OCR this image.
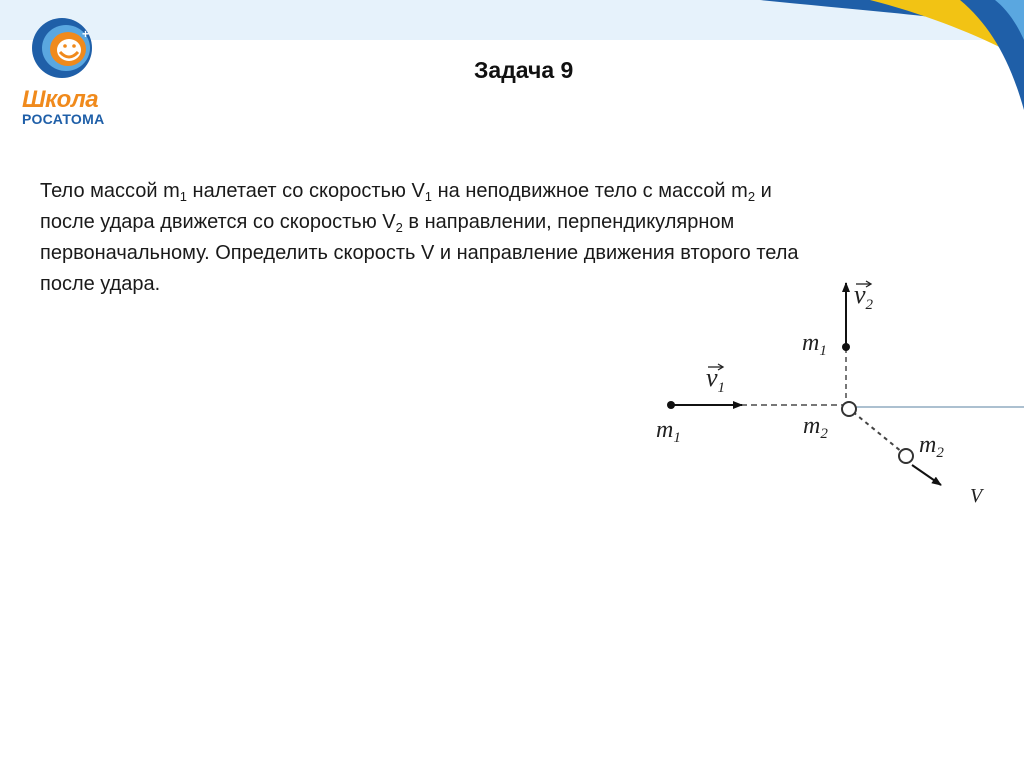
+
Школа
РОСАТОМА
Задача 9
Тело массой $m_1$ налетает со скоростью $V_1$ на неподвижное тело с массой $m_2$ и
после удара движется со скоростью $V_2$ в направлении, перпендикулярном
первоначальному. Определить скорость V и направление движения второго тела
после удара.
$v_1$
$v_2$
$m_1$
$m_1$
$m_2$	$m_2$
V
